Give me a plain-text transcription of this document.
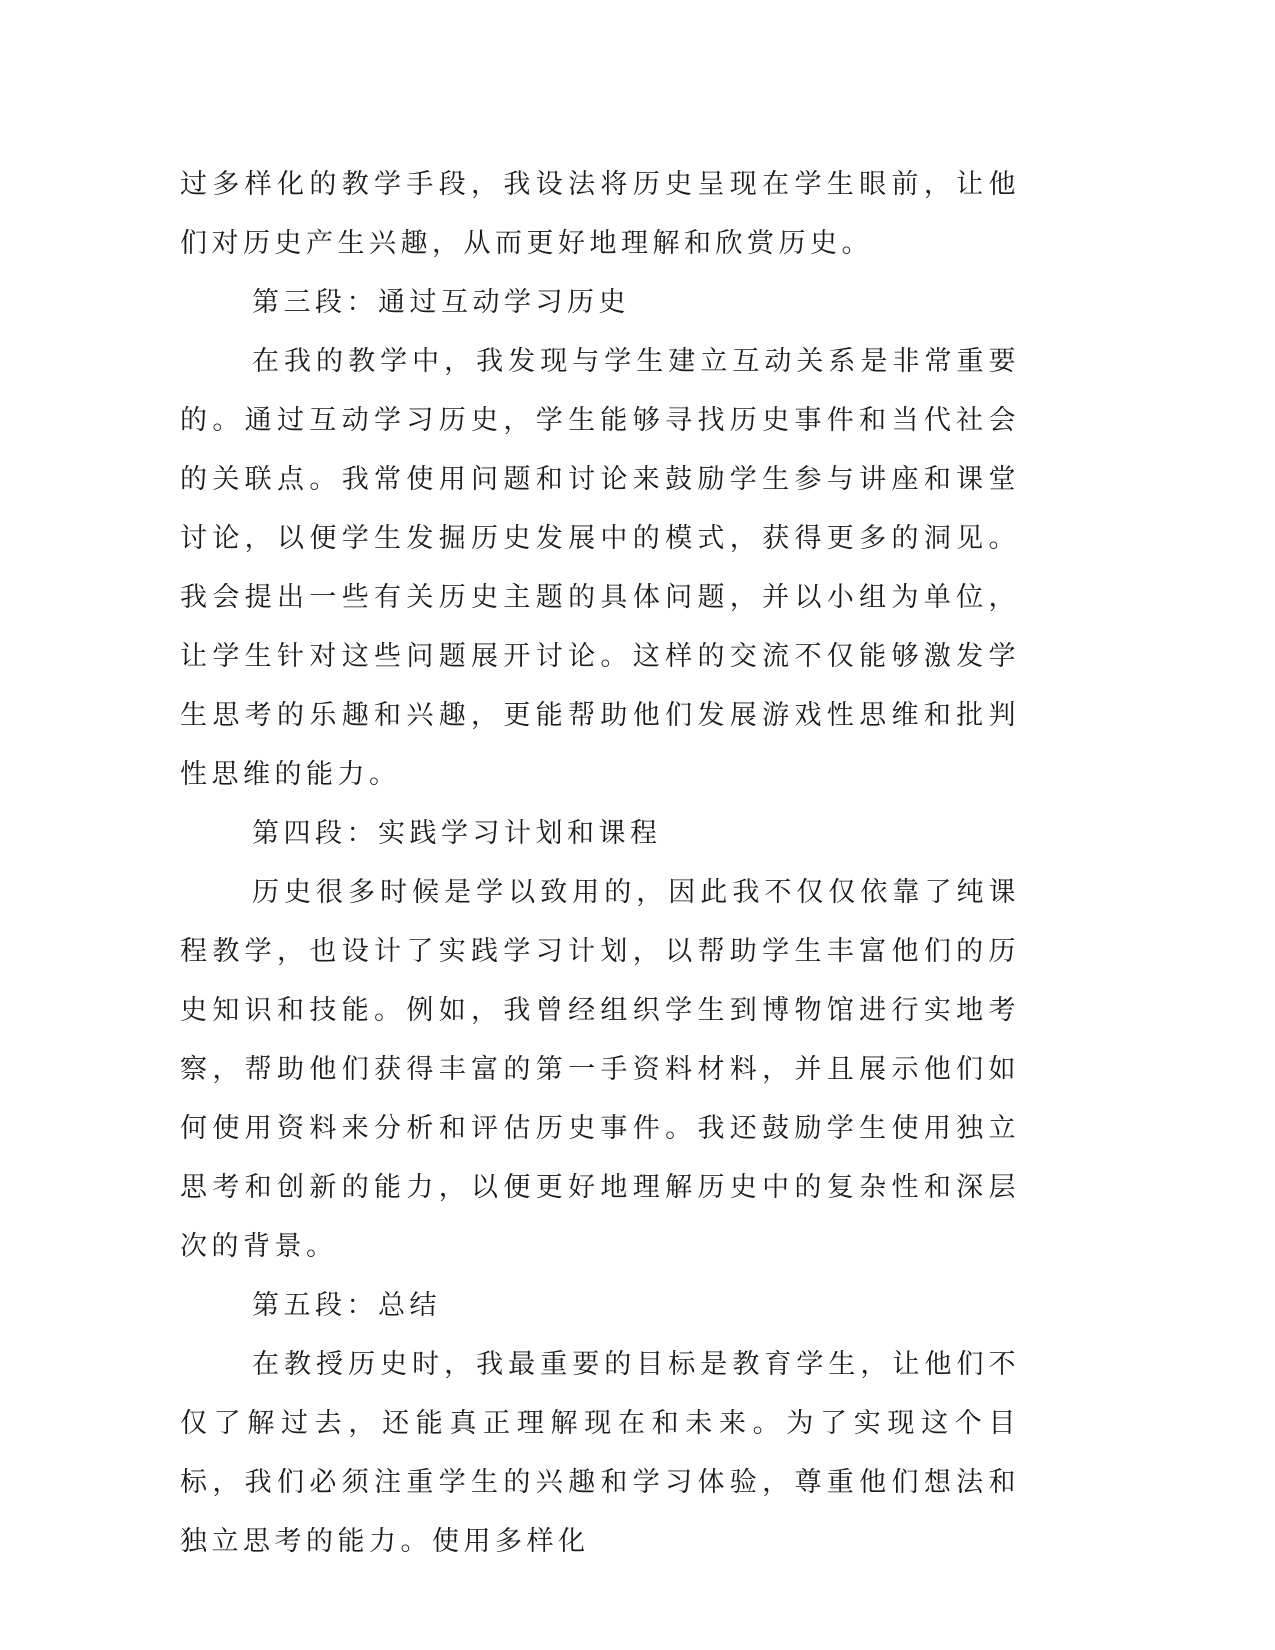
过多样化的教学手段，我设法将历史呈现在学生眼前，让他们对历史产生兴趣，从而更好地理解和欣赏历史。

第三段：通过互动学习历史

在我的教学中，我发现与学生建立互动关系是非常重要的。通过互动学习历史，学生能够寻找历史事件和当代社会的关联点。我常使用问题和讨论来鼓励学生参与讲座和课堂讨论，以便学生发掘历史发展中的模式，获得更多的洞见。我会提出一些有关历史主题的具体问题，并以小组为单位，让学生针对这些问题展开讨论。这样的交流不仅能够激发学生思考的乐趣和兴趣，更能帮助他们发展游戏性思维和批判性思维的能力。

第四段：实践学习计划和课程

历史很多时候是学以致用的，因此我不仅仅依靠了纯课程教学，也设计了实践学习计划，以帮助学生丰富他们的历史知识和技能。例如，我曾经组织学生到博物馆进行实地考察，帮助他们获得丰富的第一手资料材料，并且展示他们如何使用资料来分析和评估历史事件。我还鼓励学生使用独立思考和创新的能力，以便更好地理解历史中的复杂性和深层次的背景。

第五段：总结

在教授历史时，我最重要的目标是教育学生，让他们不仅了解过去，还能真正理解现在和未来。为了实现这个目标，我们必须注重学生的兴趣和学习体验，尊重他们想法和独立思考的能力。使用多样化
